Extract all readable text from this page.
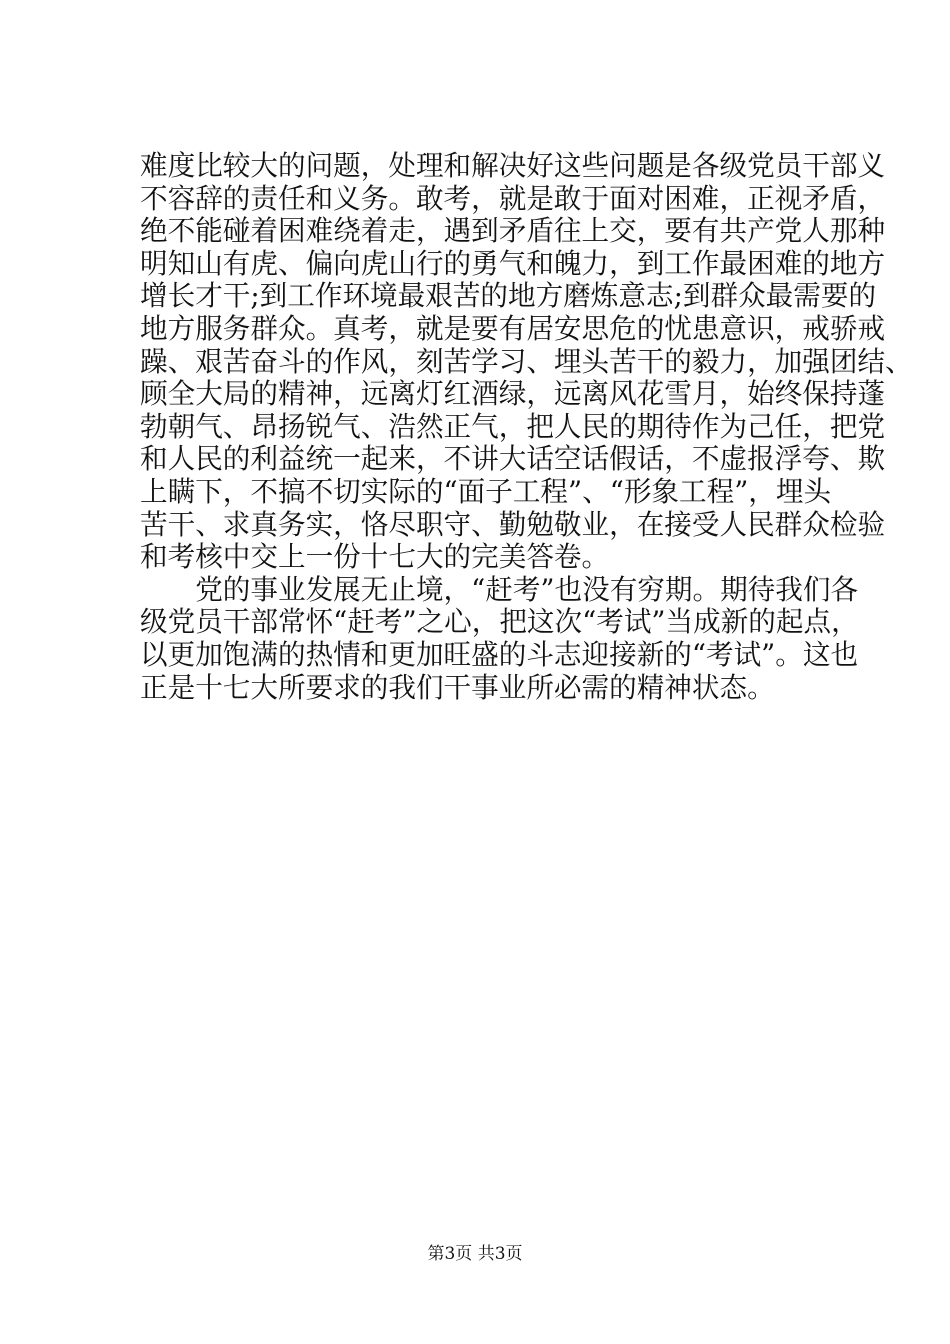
难度比较大的问题，处理和解决好这些问题是各级党员干部义
不容辞的责任和义务。敢考，就是敢于面对困难，正视矛盾，
绝不能碰着困难绕着走，遇到矛盾往上交，要有共产党人那种
明知山有虎、偏向虎山行的勇气和魄力，到工作最困难的地方
增长才干;到工作环境最艰苦的地方磨炼意志;到群众最需要的
地方服务群众。真考，就是要有居安思危的忧患意识，戒骄戒
躁、艰苦奋斗的作风，刻苦学习、埋头苦干的毅力，加强团结、
顾全大局的精神，远离灯红酒绿，远离风花雪月，始终保持蓬
勃朝气、昂扬锐气、浩然正气，把人民的期待作为己任，把党
和人民的利益统一起来，不讲大话空话假话，不虚报浮夸、欺
上瞒下，不搞不切实际的“面子工程”、“形象工程”，埋头
苦干、求真务实，恪尽职守、勤勉敬业，在接受人民群众检验
和考核中交上一份十七大的完美答卷。
　　党的事业发展无止境，“赶考”也没有穷期。期待我们各
级党员干部常怀“赶考”之心，把这次“考试”当成新的起点，
以更加饱满的热情和更加旺盛的斗志迎接新的“考试”。这也
正是十七大所要求的我们干事业所必需的精神状态。
第3页 共3页
